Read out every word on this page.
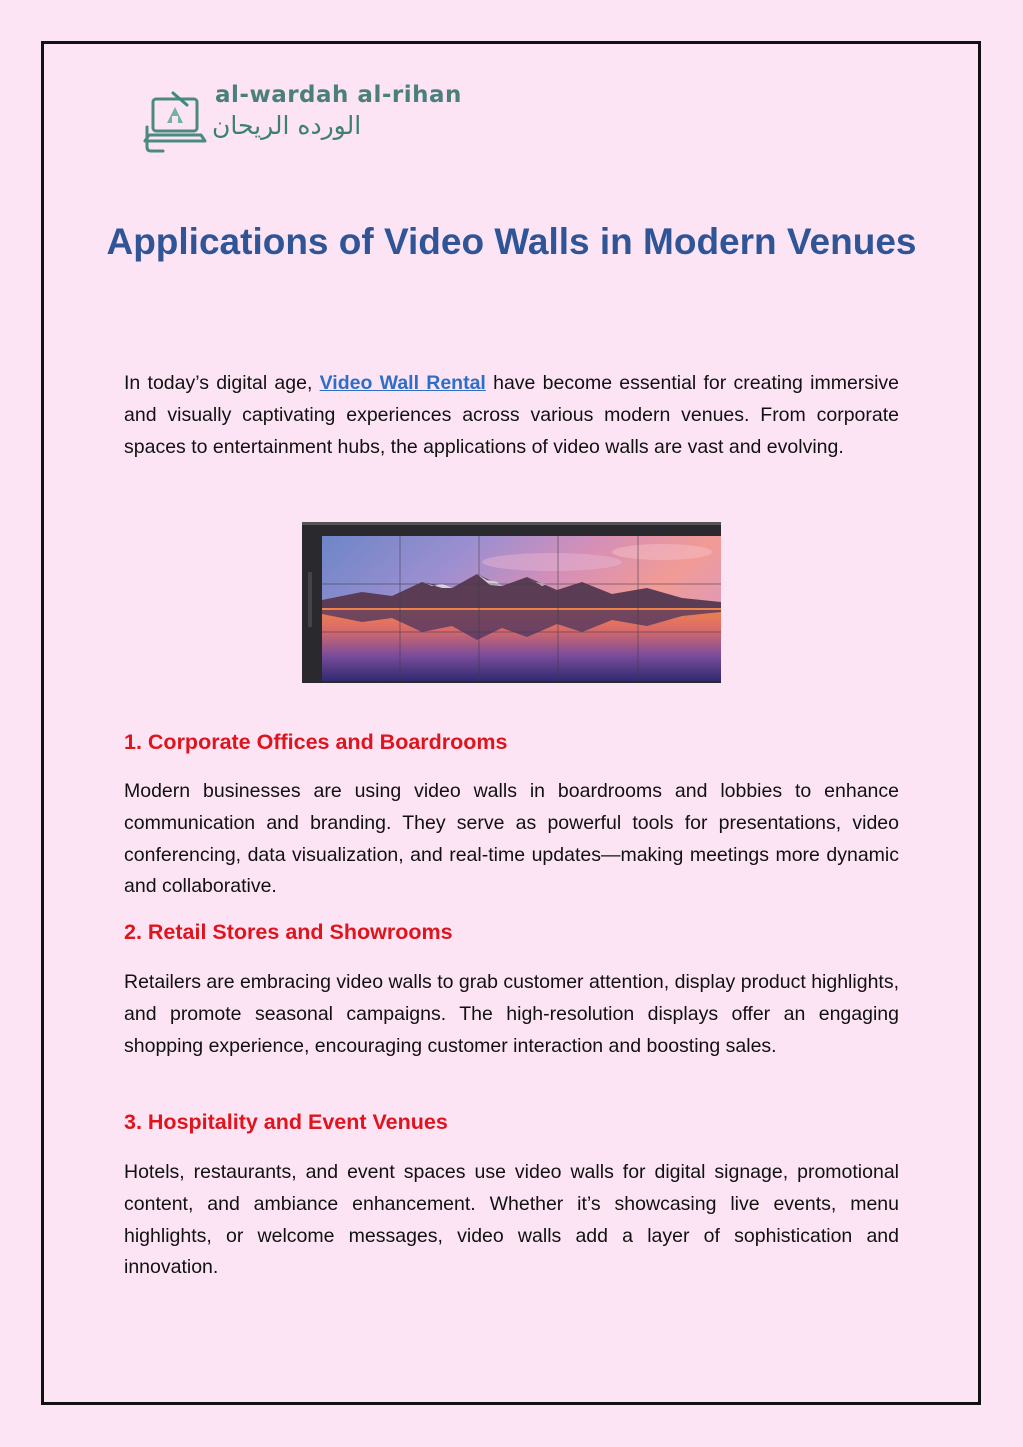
al-wardah al-rihan
الورده الريحان
Applications of Video Walls in Modern Venues

In today’s digital age, Video Wall Rental have become essential for creating immersive and visually captivating experiences across various modern venues. From corporate spaces to entertainment hubs, the applications of video walls are vast and evolving.

1. Corporate Offices and Boardrooms

Modern businesses are using video walls in boardrooms and lobbies to enhance communication and branding. They serve as powerful tools for presentations, video conferencing, data visualization, and real-time updates—making meetings more dynamic and collaborative.

2. Retail Stores and Showrooms

Retailers are embracing video walls to grab customer attention, display product highlights, and promote seasonal campaigns. The high-resolution displays offer an engaging shopping experience, encouraging customer interaction and boosting sales.

3. Hospitality and Event Venues

Hotels, restaurants, and event spaces use video walls for digital signage, promotional content, and ambiance enhancement. Whether it’s showcasing live events, menu highlights, or welcome messages, video walls add a layer of sophistication and innovation.
